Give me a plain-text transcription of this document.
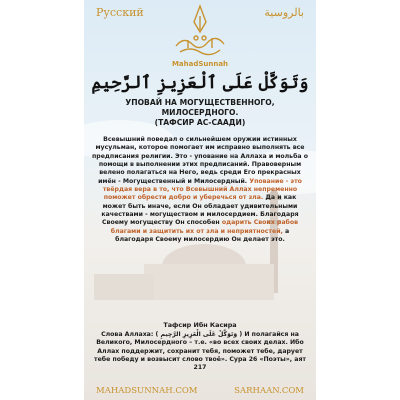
Русский	بالروسية
MahadSunnah
وَتَوَكَّلْ عَلَى ٱلْعَزِيزِ ٱلرَّحِيمِ
УПОВАЙ НА МОГУЩЕСТВЕННОГО,
МИЛОСЕРДНОГО.
(ТАФСИР АС-СААДИ)
Всевышний поведал о сильнейшем оружии истинных мусульман, которое помогает им исправно выполнять все предписания религии. Это - упование на Аллаха и мольба о помощи в выполнении этих предписаний. Правоверным велено полагаться на Него, ведь среди Его прекрасных имён - Могущественный и Милосердный. Упование - это твёрдая вера в то, что Всевышний Аллах непременно поможет обрести добро и уберечься от зла. Да и как может быть иначе, если Он обладает удивительными качествами - могуществом и милосердием. Благодаря Своему могуществу Он способен одарить Своих рабов благами и защитить их от зла и неприятностей, а благодаря Своему милосердию Он делает это.
Тафсир Ибн Касира
Слова Аллаха: ( وَتَوَكَّلْ عَلَى الْعَزِيزِ الرَّحِيمِ ) И полагайся на Великого, Милосердного – т.е. «во всех своих делах. Ибо Аллах поддержит, сохранит тебя, поможет тебе, дарует тебе победу и возвысит слово твоё». Сура 26 «Поэты», аят 217
MAHADSUNNAH.COM	SARHAAN.COM
